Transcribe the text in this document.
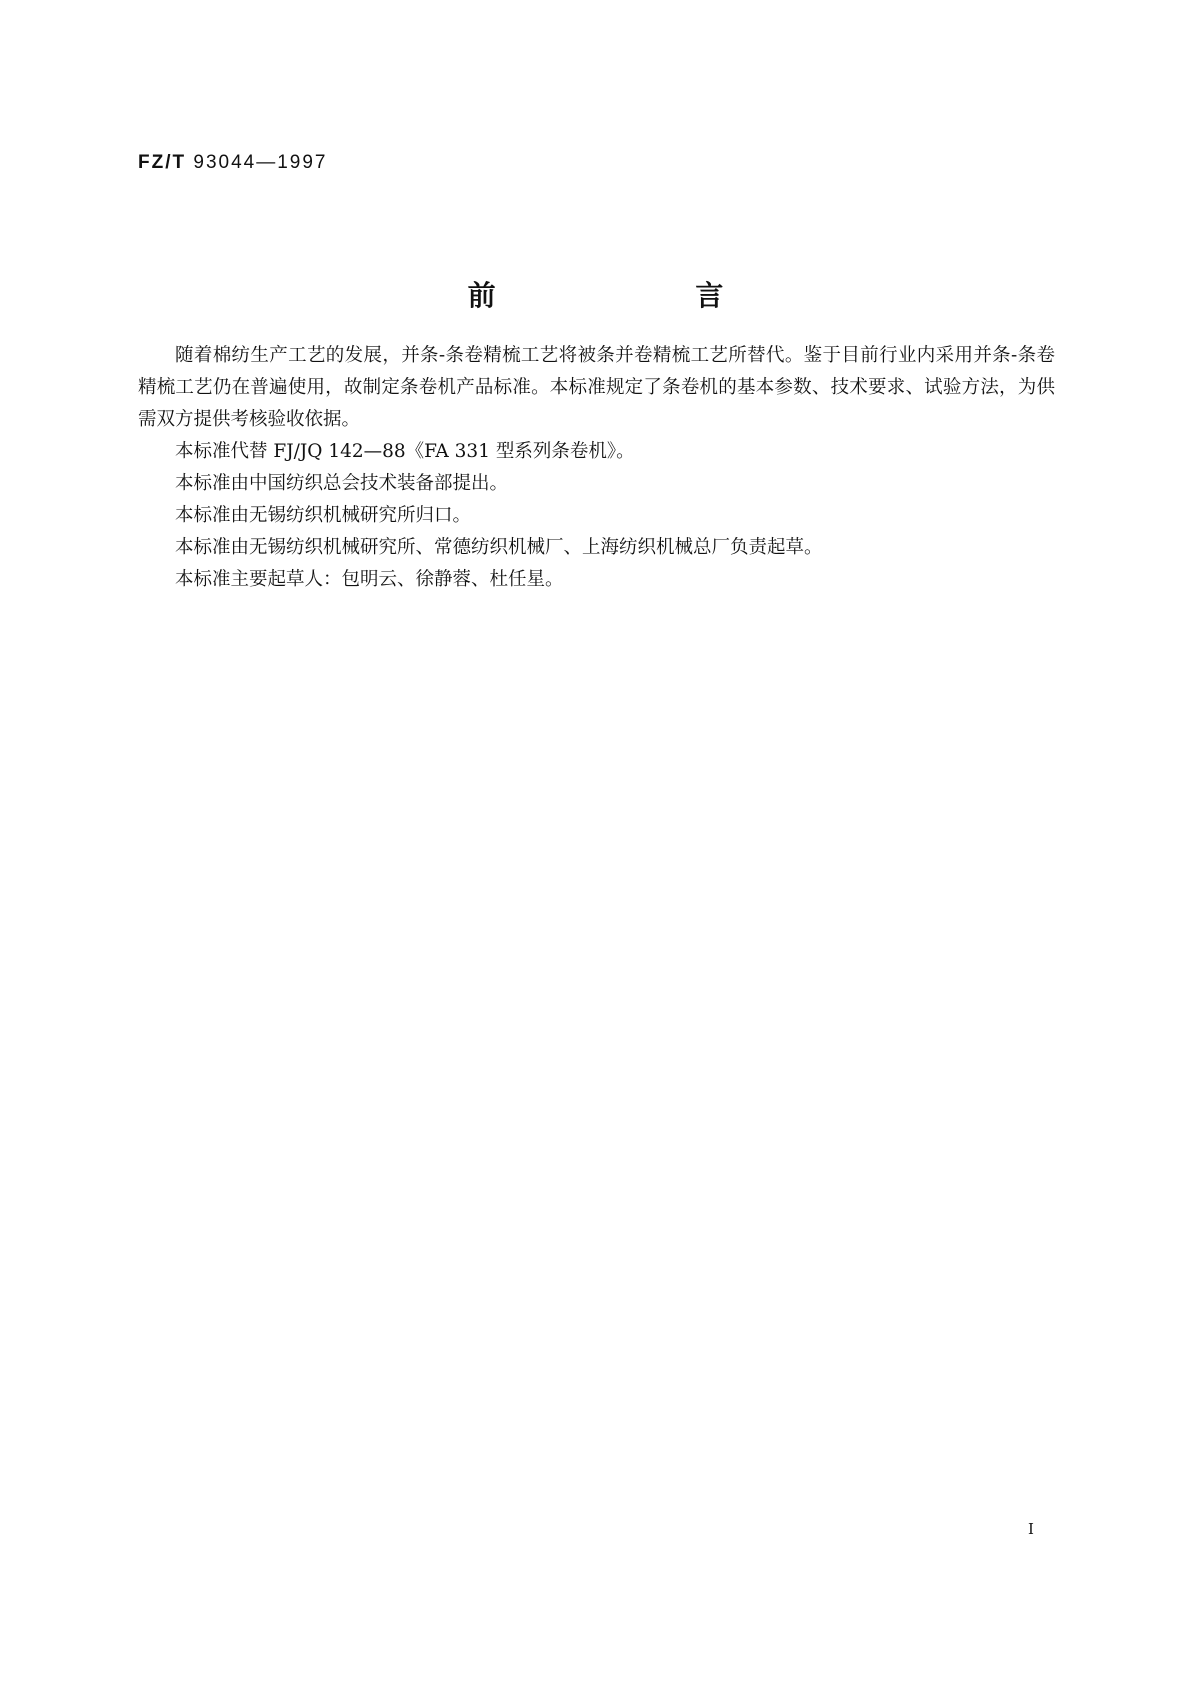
FZ/T 93044—1997
前 言

随着棉纺生产工艺的发展，并条-条卷精梳工艺将被条并卷精梳工艺所替代。鉴于目前行业内采用并条-条卷精梳工艺仍在普遍使用，故制定条卷机产品标准。本标准规定了条卷机的基本参数、技术要求、试验方法，为供需双方提供考核验收依据。

本标准代替 FJ/JQ 142—88《FA 331 型系列条卷机》。

本标准由中国纺织总会技术装备部提出。

本标准由无锡纺织机械研究所归口。

本标准由无锡纺织机械研究所、常德纺织机械厂、上海纺织机械总厂负责起草。

本标准主要起草人：包明云、徐静蓉、杜任星。

I
